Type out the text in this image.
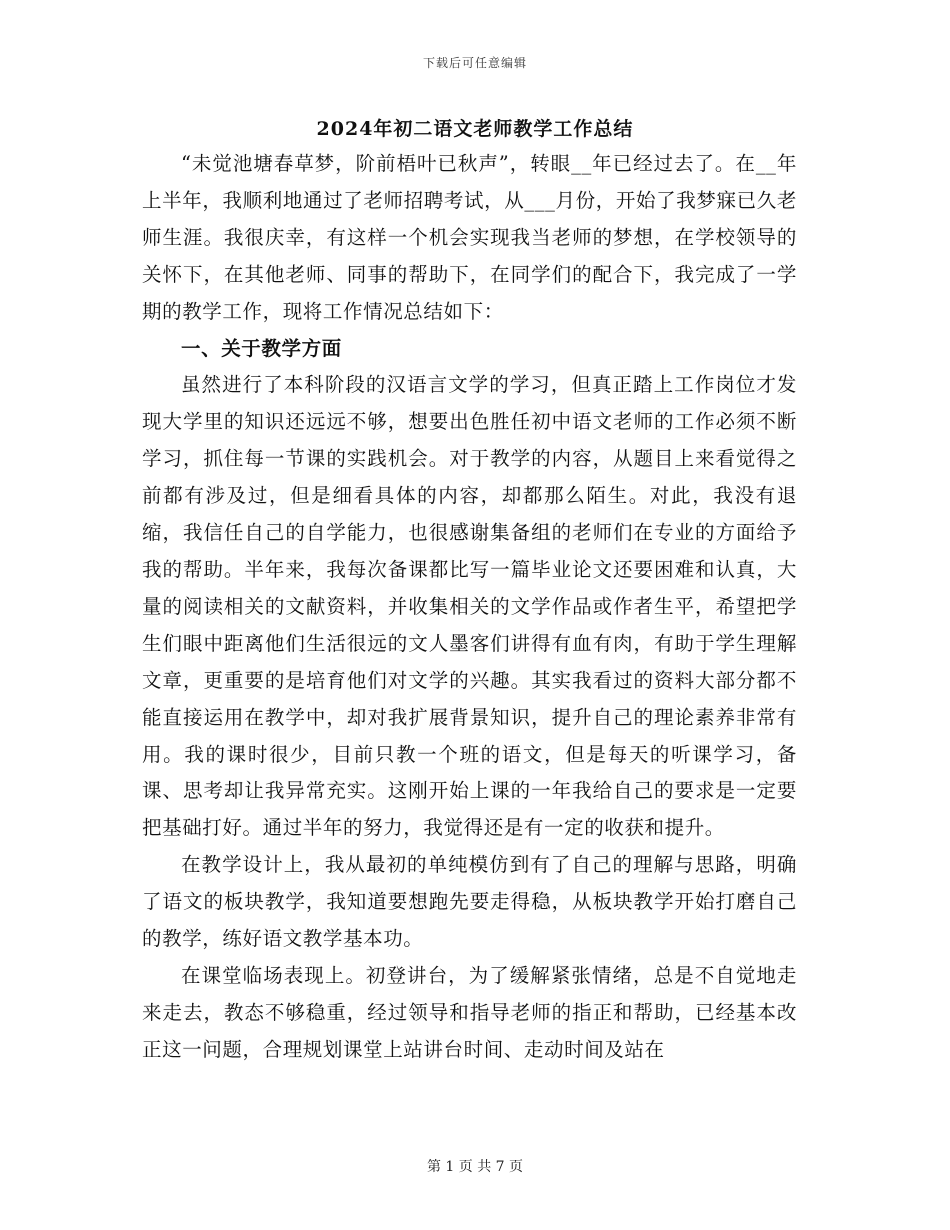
下载后可任意编辑
2024年初二语文老师教学工作总结

“未觉池塘春草梦，阶前梧叶已秋声”，转眼__年已经过去了。在__年上半年，我顺利地通过了老师招聘考试，从___月份，开始了我梦寐已久老师生涯。我很庆幸，有这样一个机会实现我当老师的梦想，在学校领导的关怀下，在其他老师、同事的帮助下，在同学们的配合下，我完成了一学期的教学工作，现将工作情况总结如下：

一、关于教学方面

虽然进行了本科阶段的汉语言文学的学习，但真正踏上工作岗位才发现大学里的知识还远远不够，想要出色胜任初中语文老师的工作必须不断学习，抓住每一节课的实践机会。对于教学的内容，从题目上来看觉得之前都有涉及过，但是细看具体的内容，却都那么陌生。对此，我没有退缩，我信任自己的自学能力，也很感谢集备组的老师们在专业的方面给予我的帮助。半年来，我每次备课都比写一篇毕业论文还要困难和认真，大量的阅读相关的文献资料，并收集相关的文学作品或作者生平，希望把学生们眼中距离他们生活很远的文人墨客们讲得有血有肉，有助于学生理解文章，更重要的是培育他们对文学的兴趣。其实我看过的资料大部分都不能直接运用在教学中，却对我扩展背景知识，提升自己的理论素养非常有用。我的课时很少，目前只教一个班的语文，但是每天的听课学习，备课、思考却让我异常充实。这刚开始上课的一年我给自己的要求是一定要把基础打好。通过半年的努力，我觉得还是有一定的收获和提升。

在教学设计上，我从最初的单纯模仿到有了自己的理解与思路，明确了语文的板块教学，我知道要想跑先要走得稳，从板块教学开始打磨自己的教学，练好语文教学基本功。

在课堂临场表现上。初登讲台，为了缓解紧张情绪，总是不自觉地走来走去，教态不够稳重，经过领导和指导老师的指正和帮助，已经基本改正这一问题，合理规划课堂上站讲台时间、走动时间及站在

第 1 页 共 7 页
